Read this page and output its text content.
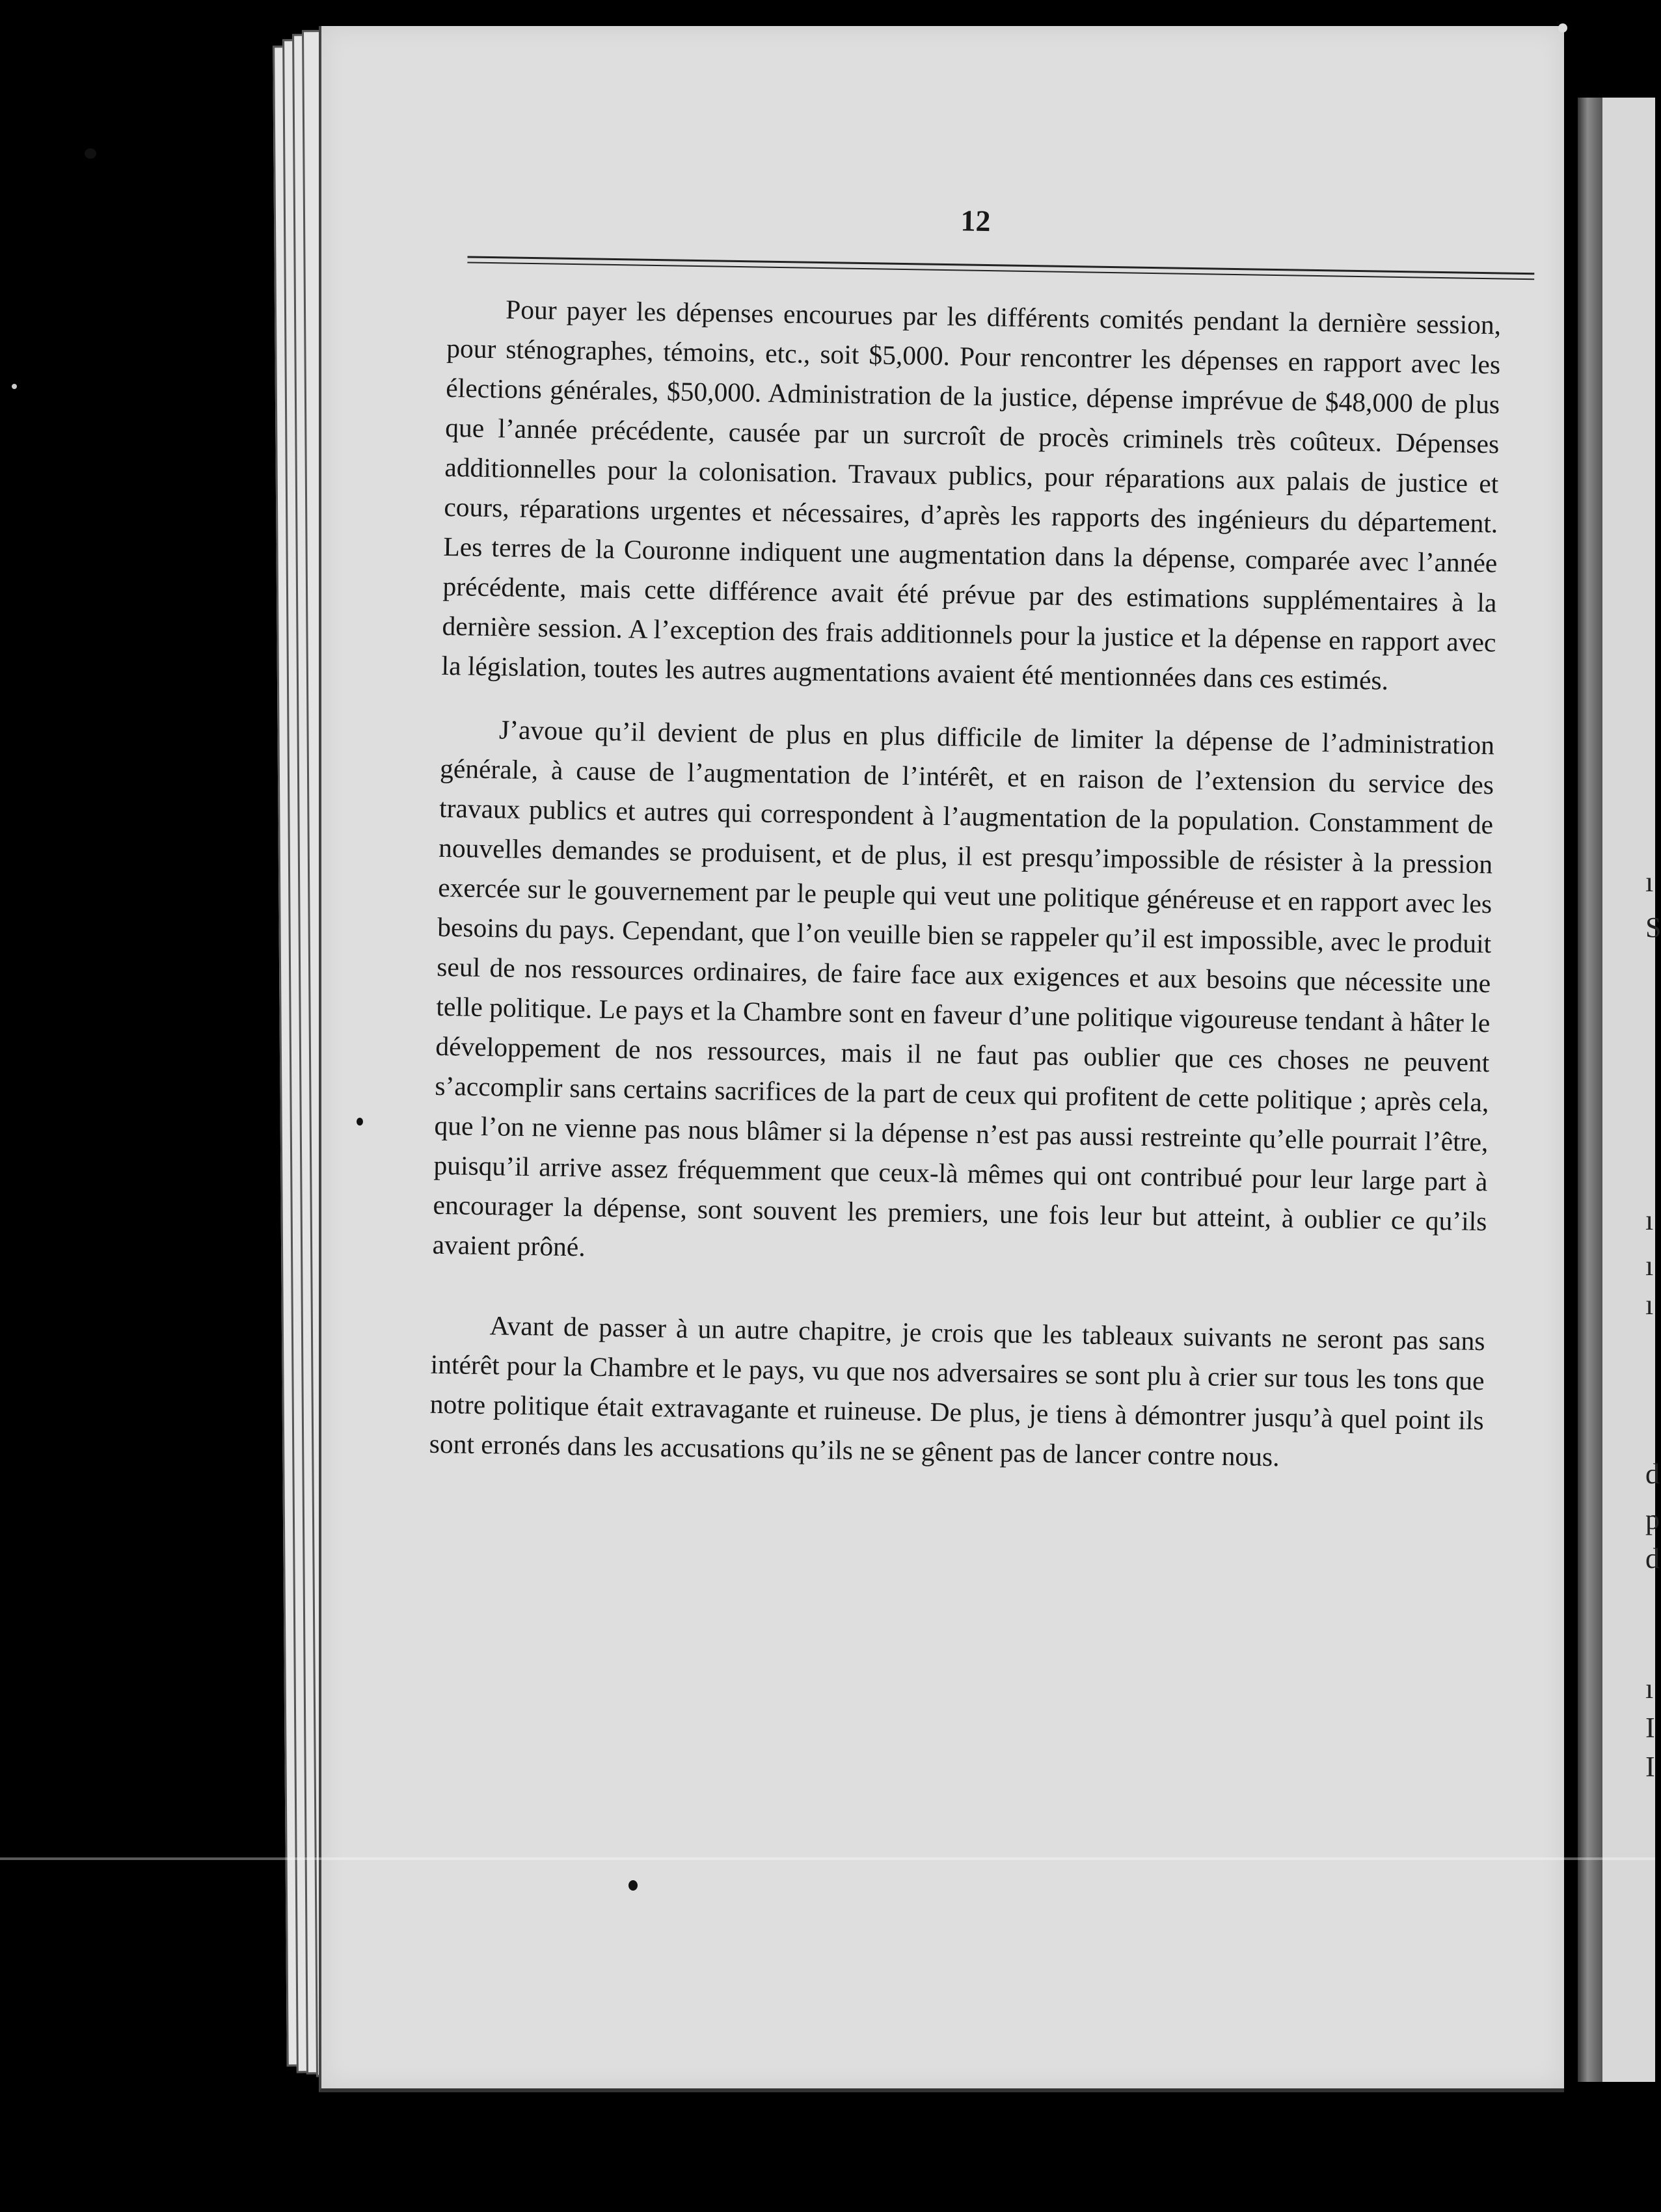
ı
S
ı
ı
ı
d
p
d
ı
I
I
12

Pour payer les dépenses encourues par les différents comités pendant la dernière session, pour sténographes, témoins, etc., soit $5,000. Pour rencontrer les dépenses en rapport avec les élections générales, $50,000. Administration de la justice, dépense imprévue de $48,000 de plus que l’année précédente, causée par un surcroît de procès criminels très coûteux. Dépenses additionnelles pour la colonisation. Travaux publics, pour réparations aux palais de justice et cours, réparations urgentes et nécessaires, d’après les rapports des ingénieurs du département. Les terres de la Couronne indiquent une augmentation dans la dépense, comparée avec l’année précédente, mais cette différence avait été prévue par des estimations supplémentaires à la dernière session. A l’exception des frais additionnels pour la justice et la dépense en rapport avec la législation, toutes les autres augmentations avaient été mentionnées dans ces estimés.

J’avoue qu’il devient de plus en plus difficile de limiter la dépense de l’administration générale, à cause de l’augmentation de l’intérêt, et en raison de l’extension du service des travaux publics et autres qui correspondent à l’augmentation de la population. Constamment de nouvelles demandes se produisent, et de plus, il est presqu’impossible de résister à la pression exercée sur le gouvernement par le peuple qui veut une politique généreuse et en rapport avec les besoins du pays. Cependant, que l’on veuille bien se rappeler qu’il est impossible, avec le produit seul de nos ressources ordinaires, de faire face aux exigences et aux besoins que nécessite une telle politique. Le pays et la Chambre sont en faveur d’une politique vigoureuse tendant à hâter le développement de nos ressources, mais il ne faut pas oublier que ces choses ne peuvent s’accomplir sans certains sacrifices de la part de ceux qui profitent de cette politique ; après cela, que l’on ne vienne pas nous blâmer si la dépense n’est pas aussi restreinte qu’elle pourrait l’être, puisqu’il arrive assez fréquemment que ceux-là mêmes qui ont contribué pour leur large part à encourager la dépense, sont souvent les premiers, une fois leur but atteint, à oublier ce qu’ils avaient prôné.

Avant de passer à un autre chapitre, je crois que les tableaux suivants ne seront pas sans intérêt pour la Chambre et le pays, vu que nos adversaires se sont plu à crier sur tous les tons que notre politique était extravagante et ruineuse. De plus, je tiens à démontrer jusqu’à quel point ils sont erronés dans les accusations qu’ils ne se gênent pas de lancer contre nous.
